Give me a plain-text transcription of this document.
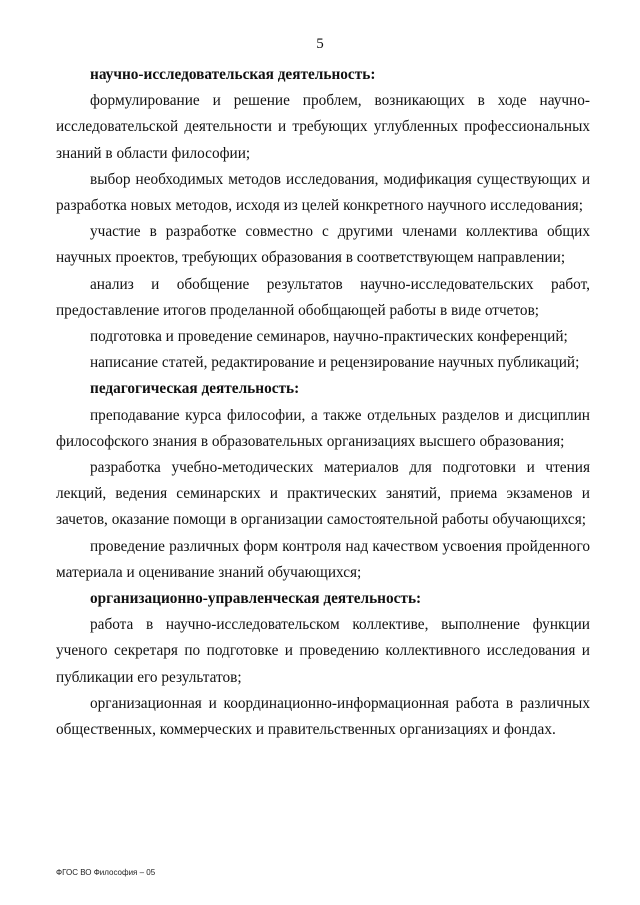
5

научно-исследовательская деятельность:

формулирование и решение проблем, возникающих в ходе научно-исследовательской деятельности и требующих углубленных профессиональных знаний в области философии;

выбор необходимых методов исследования, модификация существующих и разработка новых методов, исходя из целей конкретного научного исследования;

участие в разработке совместно с другими членами коллектива общих научных проектов, требующих образования в соответствующем направлении;

анализ и обобщение результатов научно-исследовательских работ, предоставление итогов проделанной обобщающей работы в виде отчетов;

подготовка и проведение семинаров, научно-практических конференций;

написание статей, редактирование и рецензирование научных публикаций;

педагогическая деятельность:

преподавание курса философии, а также отдельных разделов и дисциплин философского знания в образовательных организациях высшего образования;

разработка учебно-методических материалов для подготовки и чтения лекций, ведения семинарских и практических занятий, приема экзаменов и зачетов, оказание помощи в организации самостоятельной работы обучающихся;

проведение различных форм контроля над качеством усвоения пройденного материала и оценивание знаний обучающихся;

организационно-управленческая деятельность:

работа в научно-исследовательском коллективе, выполнение функции ученого секретаря по подготовке и проведению коллективного исследования и публикации его результатов;

организационная и координационно-информационная работа в различных общественных, коммерческих и правительственных организациях и фондах.

ФГОС ВО Философия – 05
